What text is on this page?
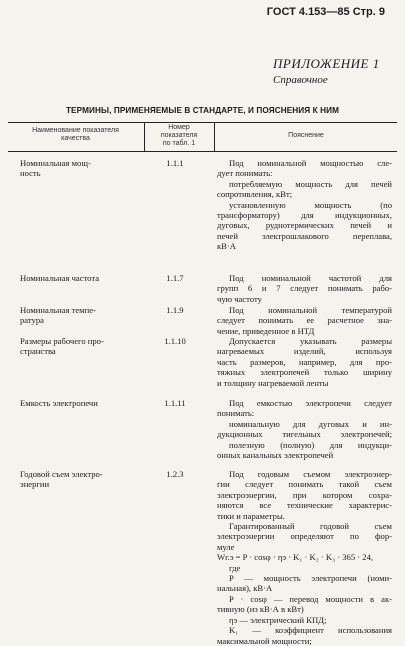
ГОСТ 4.153—85 Стр. 9
ПРИЛОЖЕНИЕ 1
Справочное
ТЕРМИНЫ, ПРИМЕНЯЕМЫЕ В СТАНДАРТЕ, И ПОЯСНЕНИЯ К НИМ
Наименование показателя
качества
Номер
показателя
по табл. 1
Пояснение
Номинальная мощ-
ность
1.1.1	Под номинальной мощностью сле-
дует понимать:
потребляемую мощность для печей
сопротивления, кВт;
установленную мощность (по
трансформатору) для индукционных,
дуговых, руднотермических печей и
печей электрошлакового переплава,
кВ·А
Номинальная частота	1.1.7	Под номинальной частотой для
групп 6 и 7 следует понимать рабо-
чую частоту
Номинальная темпе-
ратура
1.1.9	Под номинальной температурой
следует понимать ее расчетное зна-
чение, приведенное в НТД
Размеры рабочего про-
странства
1.1.10	Допускается указывать размеры
нагреваемых изделий, используя
часть размеров, например, для про-
тяжных электропечей только ширину
и толщину нагреваемой ленты
Емкость электропечи	1.1.11	Под емкостью электропечи следует
понимать:
номинальную для дуговых и ин-
дукционных тигельных электропечей;
полезную (полную) для индукци-
онных канальных электропечей
Годовой съем электро-
энергии
1.2.3	Под годовым съемом электроэнер-
гии следует понимать такой съем
электроэнергии, при котором сохра-
няются все технические характерис-
тики и параметры.
Гарантированный годовой съем
электроэнергии определяют по фор-
муле
Wг.э = P · cosφ · ηэ · K₁ · K₂ · K₃ · 365 · 24,
где
P — мощность электропечи (номи-
нальная), кВ·А
P · cosφ — перевод мощности в ак-
тивную (из кВ·А в кВт)
ηэ — электрический КПД;
K₁ — коэффициент использования
максимальной мощности;
